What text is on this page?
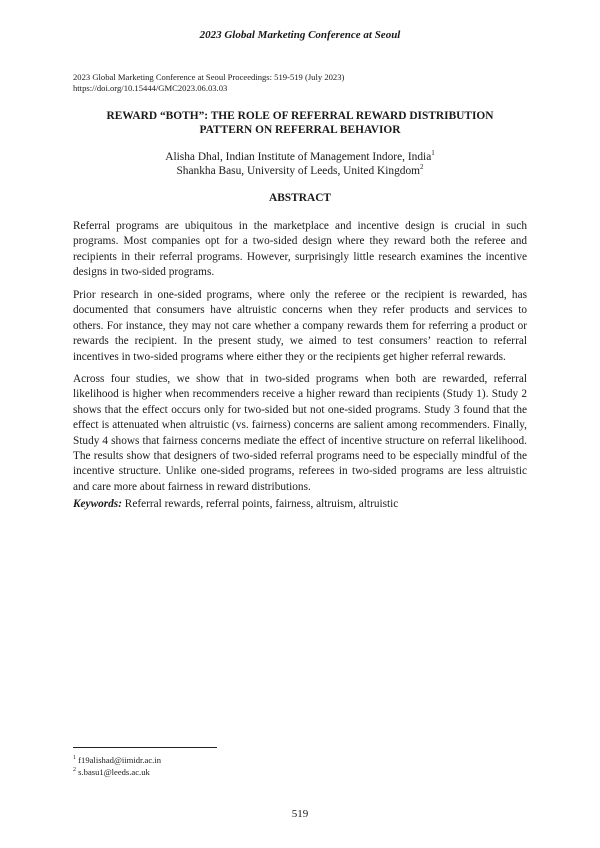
2023 Global Marketing Conference at Seoul
2023 Global Marketing Conference at Seoul Proceedings: 519-519 (July 2023)
https://doi.org/10.15444/GMC2023.06.03.03
REWARD “BOTH”: THE ROLE OF REFERRAL REWARD DISTRIBUTION
PATTERN ON REFERRAL BEHAVIOR
Alisha Dhal, Indian Institute of Management Indore, India$^1$
Shankha Basu, University of Leeds, United Kingdom$^2$
ABSTRACT

Referral programs are ubiquitous in the marketplace and incentive design is crucial in such programs. Most companies opt for a two-sided design where they reward both the referee and recipients in their referral programs. However, surprisingly little research examines the incentive designs in two-sided programs.

Prior research in one-sided programs, where only the referee or the recipient is rewarded, has documented that consumers have altruistic concerns when they refer products and services to others. For instance, they may not care whether a company rewards them for referring a product or rewards the recipient. In the present study, we aimed to test consumers’ reaction to referral incentives in two-sided programs where either they or the recipients get higher referral rewards.

Across four studies, we show that in two-sided programs when both are rewarded, referral likelihood is higher when recommenders receive a higher reward than recipients (Study 1). Study 2 shows that the effect occurs only for two-sided but not one-sided programs. Study 3 found that the effect is attenuated when altruistic (vs. fairness) concerns are salient among recommenders. Finally, Study 4 shows that fairness concerns mediate the effect of incentive structure on referral likelihood. The results show that designers of two-sided referral programs need to be especially mindful of the incentive structure. Unlike one-sided programs, referees in two-sided programs are less altruistic and care more about fairness in reward distributions.

Keywords: Referral rewards, referral points, fairness, altruism, altruistic
$^1$ f19alishad@iimidr.ac.in
$^2$ s.basu1@leeds.ac.uk
519
